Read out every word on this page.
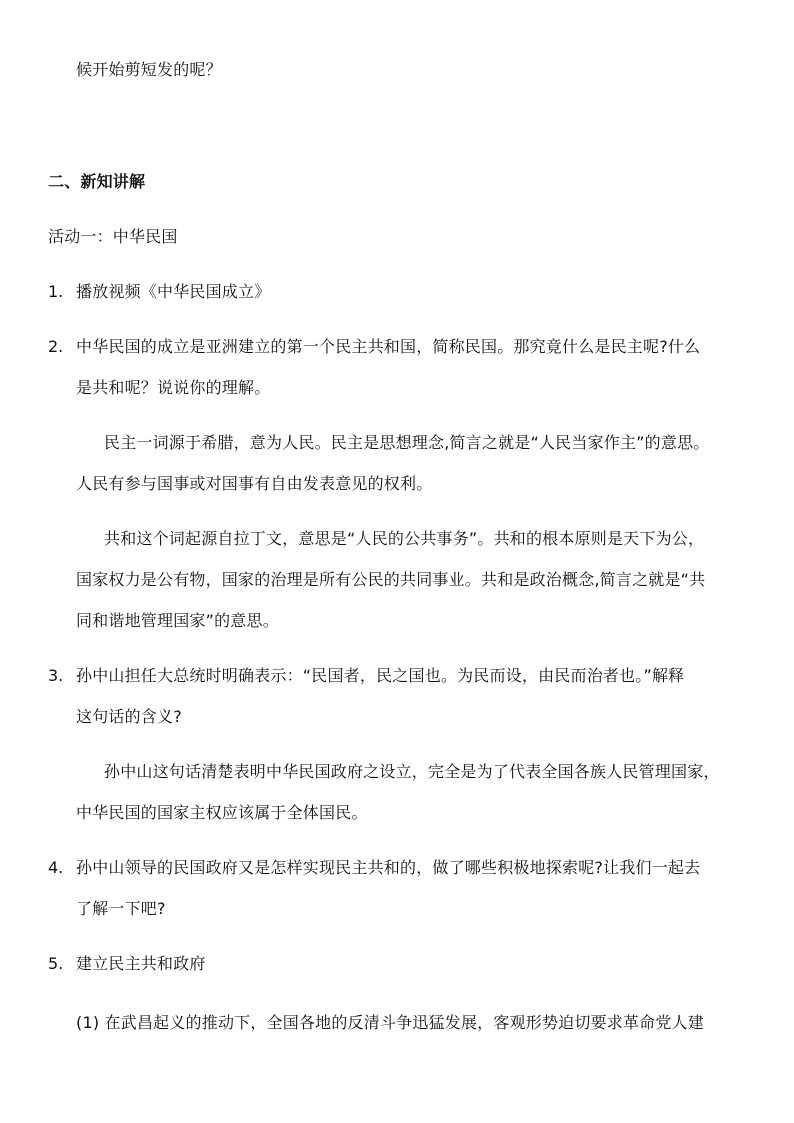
候开始剪短发的呢？
二、新知讲解
活动一：中华民国
1. 播放视频《中华民国成立》
2. 中华民国的成立是亚洲建立的第一个民主共和国，简称民国。那究竟什么是民主呢?什么
是共和呢？说说你的理解。
民主一词源于希腊，意为人民。民主是思想理念,简言之就是“人民当家作主”的意思。
人民有参与国事或对国事有自由发表意见的权利。
共和这个词起源自拉丁文，意思是“人民的公共事务”。共和的根本原则是天下为公，
国家权力是公有物，国家的治理是所有公民的共同事业。共和是政治概念,简言之就是“共
同和谐地管理国家”的意思。
3. 孙中山担任大总统时明确表示：“民国者，民之国也。为民而设，由民而治者也。”解释
这句话的含义?
孙中山这句话清楚表明中华民国政府之设立，完全是为了代表全国各族人民管理国家，
中华民国的国家主权应该属于全体国民。
4. 孙中山领导的民国政府又是怎样实现民主共和的，做了哪些积极地探索呢?让我们一起去
了解一下吧?
5. 建立民主共和政府
(1) 在武昌起义的推动下，全国各地的反清斗争迅猛发展，客观形势迫切要求革命党人建
